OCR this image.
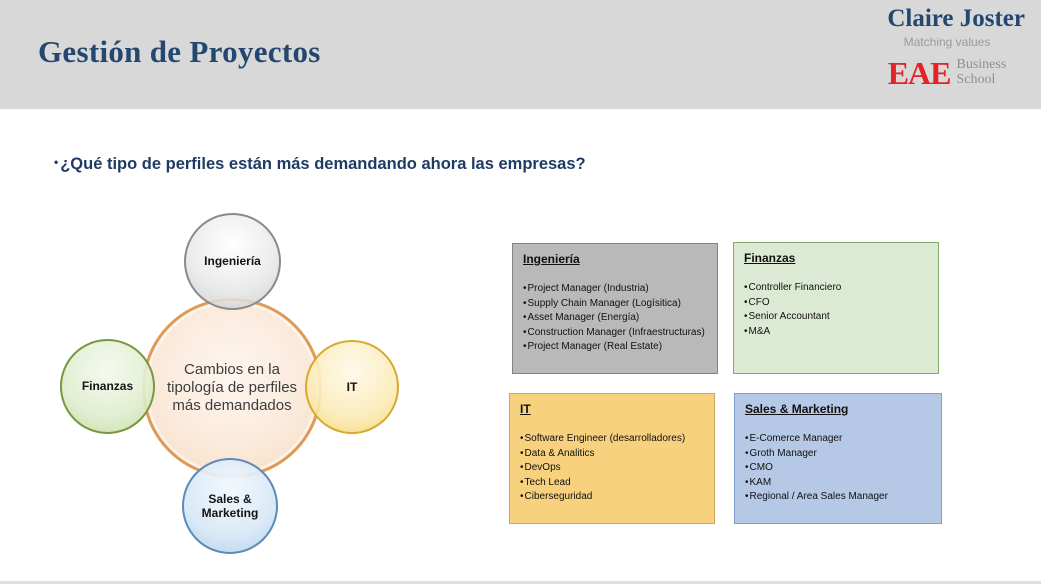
Gestión de Proyectos
Claire Joster
Matching values
EAE Business
School
• ¿Qué tipo de perfiles están más demandando ahora las empresas?
Cambios en la tipología de perfiles más demandados
Ingeniería
Finanzas	IT
Sales & Marketing
Ingeniería
• Project Manager (Industria)
• Supply Chain Manager (Logísitica)
• Asset Manager (Energía)
• Construction Manager (Infraestructuras)
• Project Manager (Real Estate)
Finanzas
• Controller Financiero
• CFO
• Senior Accountant
• M&A
IT
• Software Engineer (desarrolladores)
• Data & Analitics
• DevOps
• Tech Lead
• Ciberseguridad
Sales & Marketing
• E-Comerce Manager
• Groth Manager
• CMO
• KAM
• Regional / Area Sales Manager
